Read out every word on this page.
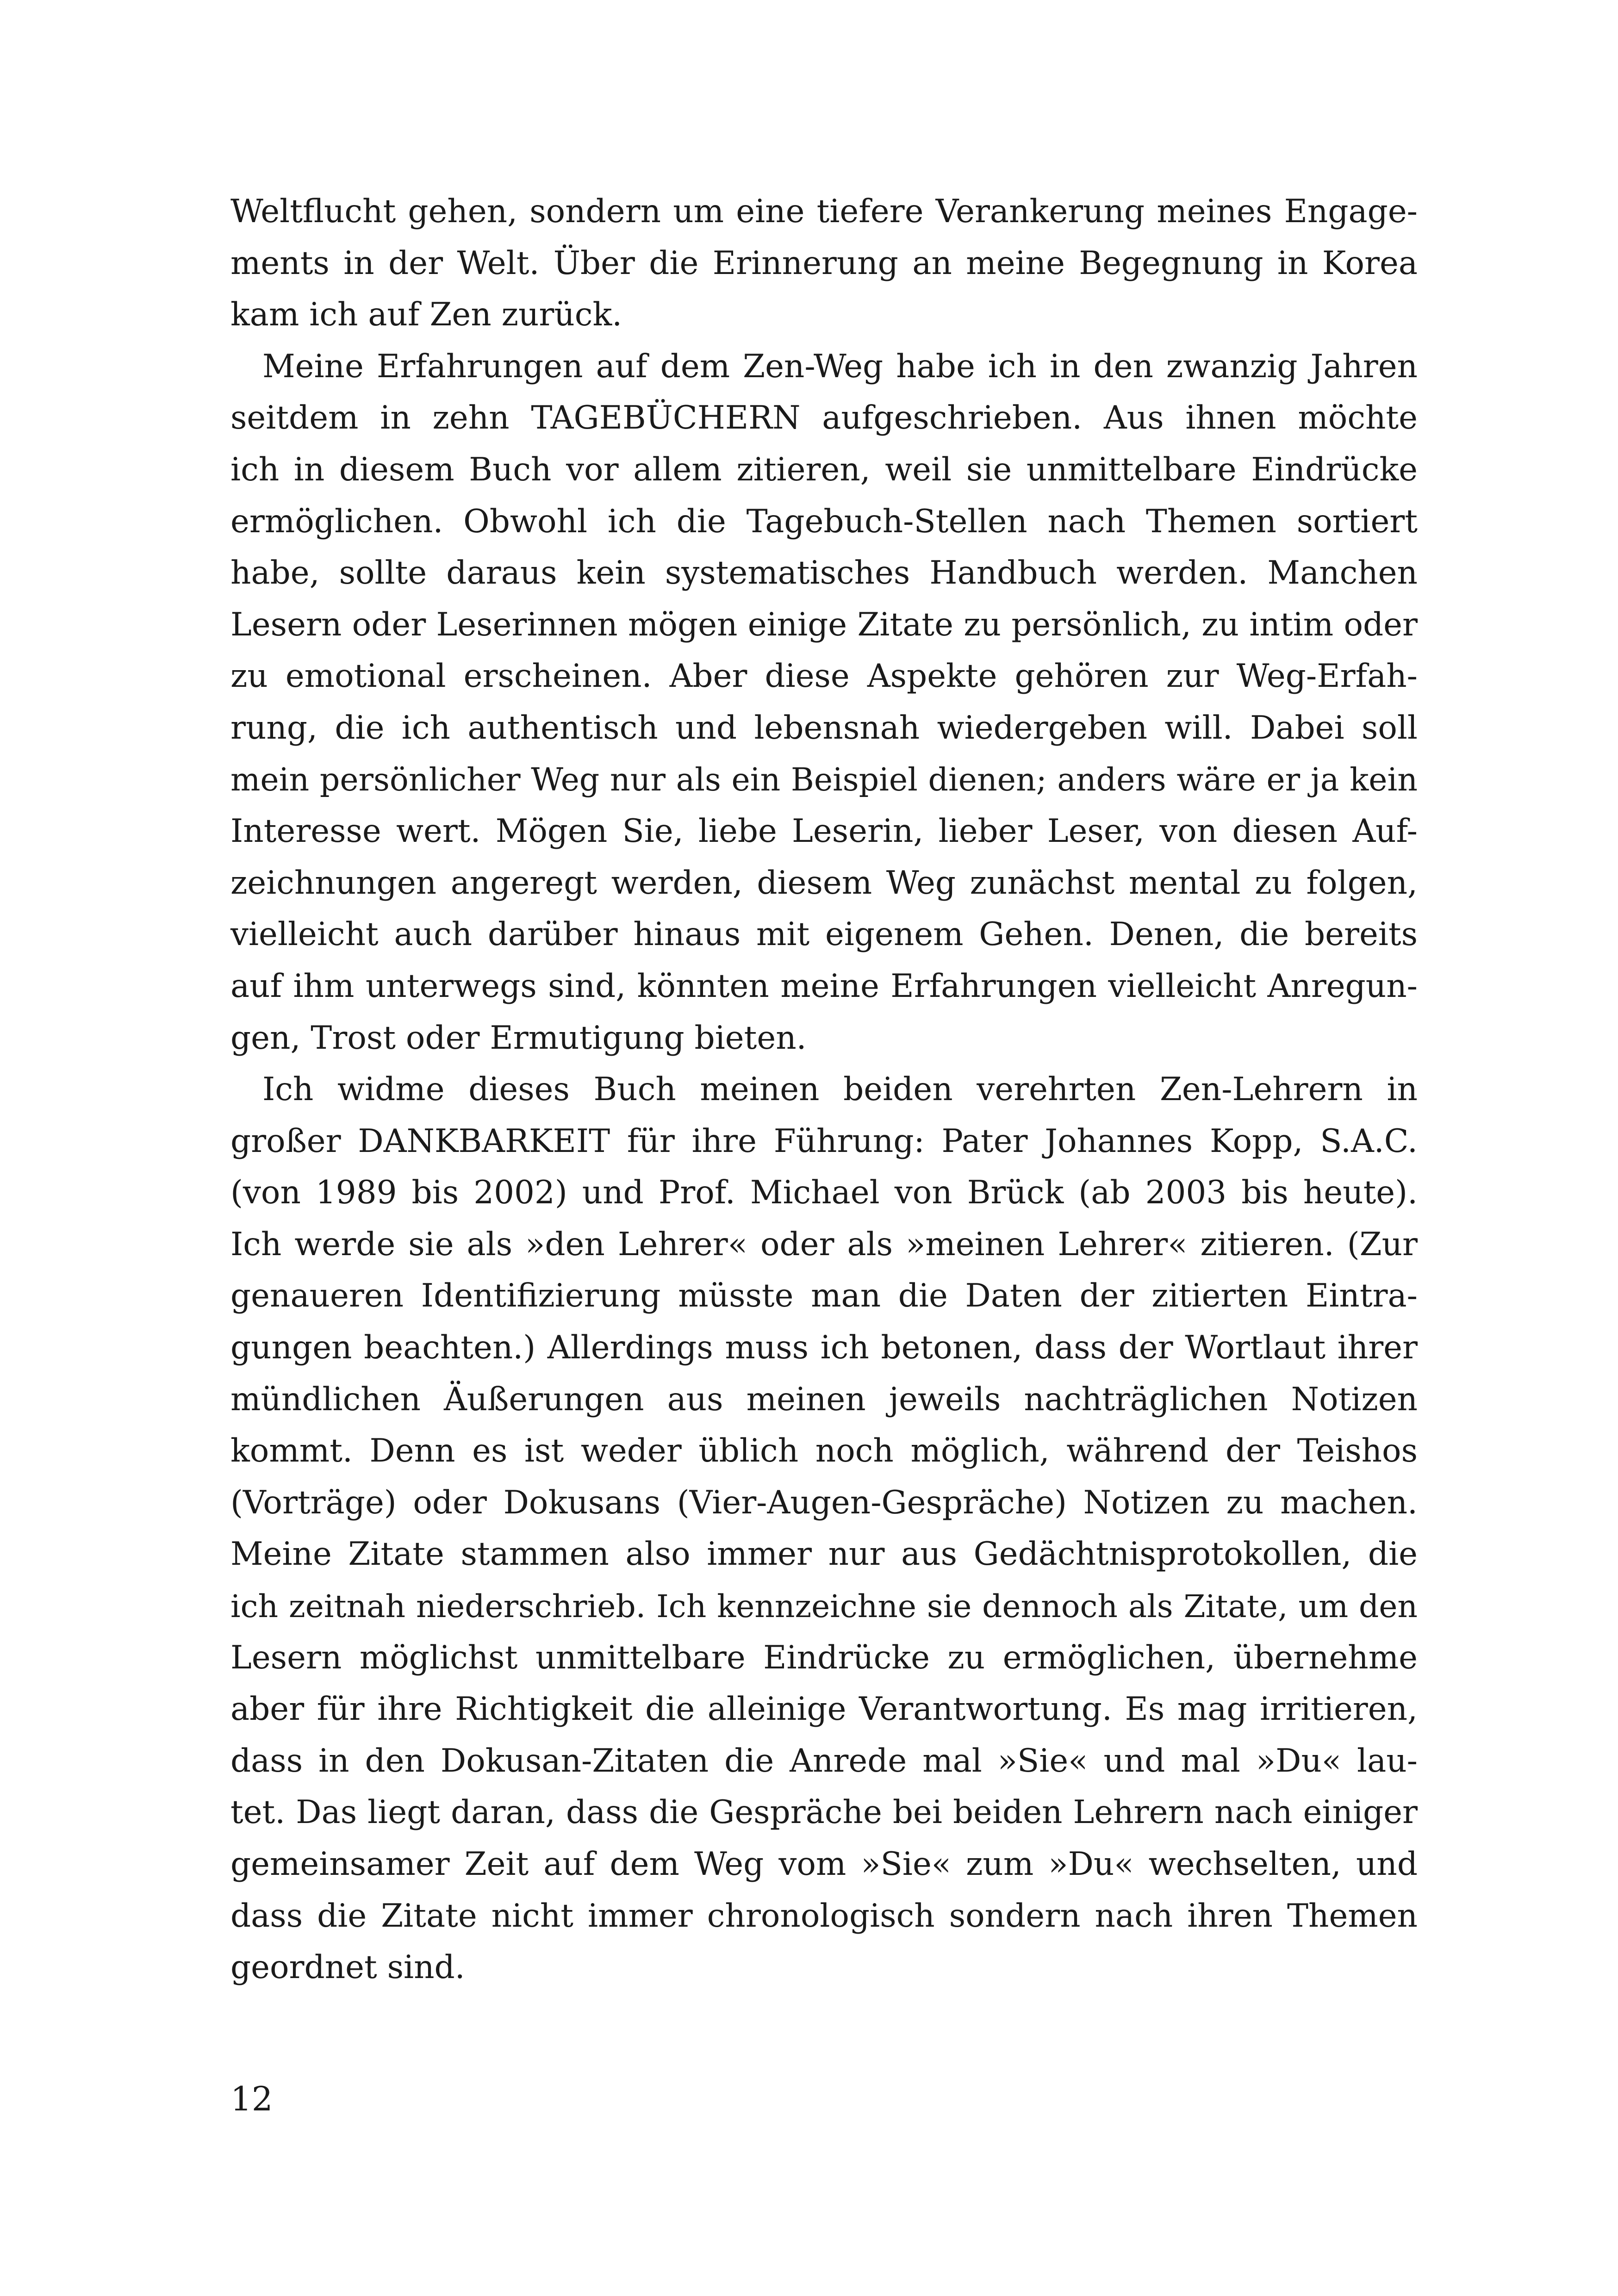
Weltflucht gehen, sondern um eine tiefere Verankerung meines Engage-
ments in der Welt. Über die Erinnerung an meine Begegnung in Korea
kam ich auf Zen zurück.
Meine Erfahrungen auf dem Zen-Weg habe ich in den zwanzig Jahren
seitdem in zehn TAGEBÜCHERN aufgeschrieben. Aus ihnen möchte
ich in diesem Buch vor allem zitieren, weil sie unmittelbare Eindrücke
ermöglichen. Obwohl ich die Tagebuch-Stellen nach Themen sortiert
habe, sollte daraus kein systematisches Handbuch werden. Manchen
Lesern oder Leserinnen mögen einige Zitate zu persönlich, zu intim oder
zu emotional erscheinen. Aber diese Aspekte gehören zur Weg-Erfah-
rung, die ich authentisch und lebensnah wiedergeben will. Dabei soll
mein persönlicher Weg nur als ein Beispiel dienen; anders wäre er ja kein
Interesse wert. Mögen Sie, liebe Leserin, lieber Leser, von diesen Auf-
zeichnungen angeregt werden, diesem Weg zunächst mental zu folgen,
vielleicht auch darüber hinaus mit eigenem Gehen. Denen, die bereits
auf ihm unterwegs sind, könnten meine Erfahrungen vielleicht Anregun-
gen, Trost oder Ermutigung bieten.
Ich widme dieses Buch meinen beiden verehrten Zen-Lehrern in
großer DANKBARKEIT für ihre Führung: Pater Johannes Kopp, S.A.C.
(von 1989 bis 2002) und Prof. Michael von Brück (ab 2003 bis heute).
Ich werde sie als »den Lehrer« oder als »meinen Lehrer« zitieren. (Zur
genaueren Identifizierung müsste man die Daten der zitierten Eintra-
gungen beachten.) Allerdings muss ich betonen, dass der Wortlaut ihrer
mündlichen Äußerungen aus meinen jeweils nachträglichen Notizen
kommt. Denn es ist weder üblich noch möglich, während der Teishos
(Vorträge) oder Dokusans (Vier-Augen-Gespräche) Notizen zu machen.
Meine Zitate stammen also immer nur aus Gedächtnisprotokollen, die
ich zeitnah niederschrieb. Ich kennzeichne sie dennoch als Zitate, um den
Lesern möglichst unmittelbare Eindrücke zu ermöglichen, übernehme
aber für ihre Richtigkeit die alleinige Verantwortung. Es mag irritieren,
dass in den Dokusan-Zitaten die Anrede mal »Sie« und mal »Du« lau-
tet. Das liegt daran, dass die Gespräche bei beiden Lehrern nach einiger
gemeinsamer Zeit auf dem Weg vom »Sie« zum »Du« wechselten, und
dass die Zitate nicht immer chronologisch sondern nach ihren Themen
geordnet sind.
12
